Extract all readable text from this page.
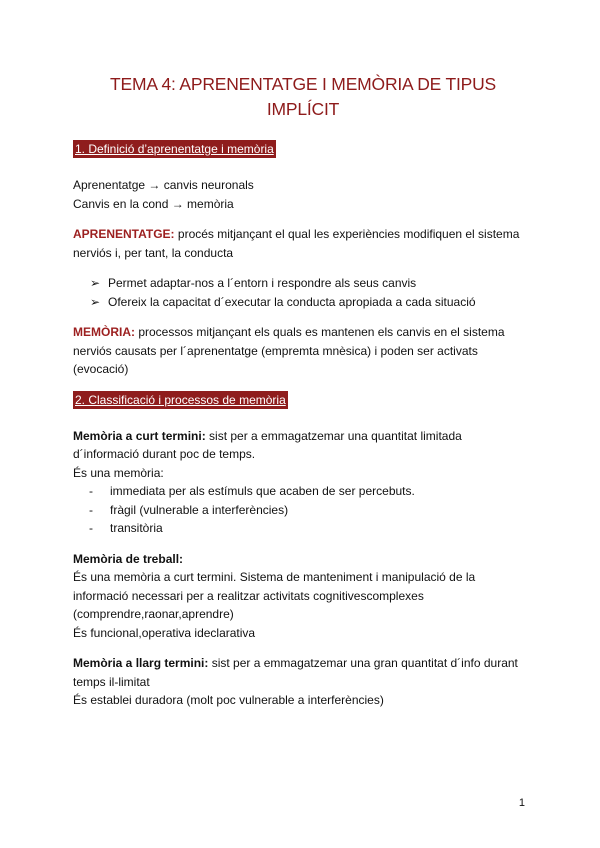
TEMA 4: APRENENTATGE I MEMÒRIA DE TIPUS
IMPLÍCIT
1. Definició d’aprenentatge i memòria

Aprenentatge → canvis neuronals

Canvis en la cond → memòria

APRENENTATGE: procés mitjançant el qual les experiències modifiquen el sistema

nerviós i, per tant, la conducta

➢ Permet adaptar-nos a l´entorn i respondre als seus canvis
➢ Ofereix la capacitat d´executar la conducta apropiada a cada situació

MEMÒRIA: processos mitjançant els quals es mantenen els canvis en el sistema

nerviós causats per l´aprenentatge (empremta mnèsica) i poden ser activats

(evocació)

2. Classificació i processos de memòria

Memòria a curt termini: sist per a emmagatzemar una quantitat limitada

d´informació durant poc de temps.

És una memòria:

- immediata per als estímuls que acaben de ser percebuts.
- fràgil (vulnerable a interferències)
- transitòria

Memòria de treball:

És una memòria a curt termini. Sistema de manteniment i manipulació de la

informació necessari per a realitzar activitats cognitivescomplexes

(comprendre,raonar,aprendre)

És funcional,operativa ideclarativa

Memòria a llarg termini: sist per a emmagatzemar una gran quantitat d´info durant

temps il-limitat

És establei duradora (molt poc vulnerable a interferències)

1
